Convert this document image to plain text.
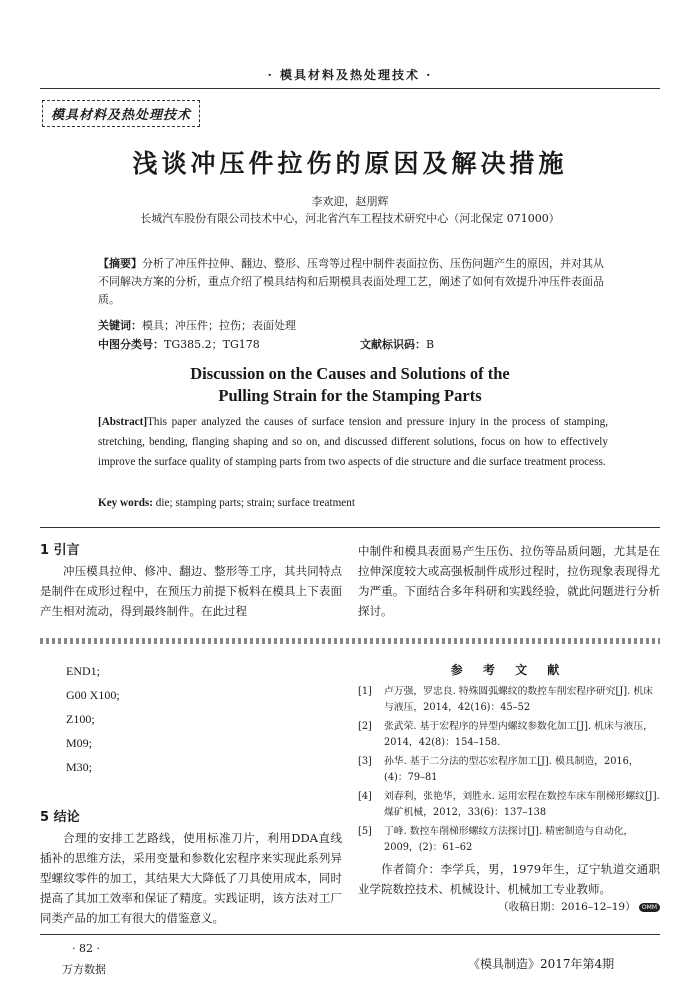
· 模具材料及热处理技术 ·
模具材料及热处理技术
浅谈冲压件拉伤的原因及解决措施
李欢迎，赵朋辉
长城汽车股份有限公司技术中心，河北省汽车工程技术研究中心（河北保定 071000）
【摘要】分析了冲压件拉伸、翻边、整形、压弯等过程中制件表面拉伤、压伤问题产生的原因，并对其从不同解决方案的分析，重点介绍了模具结构和后期模具表面处理工艺，阐述了如何有效提升冲压件表面品质。
关键词：模具；冲压件；拉伤；表面处理
中图分类号：TG385.2；TG178	文献标识码：B
Discussion on the Causes and Solutions of the
Pulling Strain for the Stamping Parts
[Abstract]This paper analyzed the causes of surface tension and pressure injury in the process of stamping, stretching, bending, flanging shaping and so on, and discussed different solutions, focus on how to effectively improve the surface quality of stamping parts from two aspects of die structure and die surface treatment process.
Key words: die; stamping parts; strain; surface treatment
1 引言
冲压模具拉伸、修冲、翻边、整形等工序，其共同特点是制件在成形过程中，在预压力前提下板料在模具上下表面产生相对流动，得到最终制件。在此过程
中制件和模具表面易产生压伤、拉伤等品质问题，尤其是在拉伸深度较大或高强板制件成形过程时，拉伤现象表现得尤为严重。下面结合多年科研和实践经验，就此问题进行分析探讨。
END1;
G00 X100;
Z100;
M09;
M30;
5 结论
合理的安排工艺路线，使用标准刀片，利用DDA直线插补的思维方法，采用变量和参数化宏程序来实现此系列异型螺纹零件的加工，其结果大大降低了刀具使用成本，同时提高了其加工效率和保证了精度。实践证明，该方法对工厂同类产品的加工有很大的借鉴意义。
参 考 文 献
[1]	卢万强，罗忠良. 特殊圆弧螺纹的数控车削宏程序研究[J]. 机床与液压，2014，42(16)：45–52
[2]	张武荣. 基于宏程序的异型内螺纹参数化加工[J]. 机床与液压，2014，42(8)：154–158.
[3]	孙华. 基于二分法的型芯宏程序加工[J]. 模具制造，2016，(4)：79–81
[4]	刘春利，张艳华，刘胜永. 运用宏程在数控车床车削梯形螺纹[J]. 煤矿机械，2012，33(6)：137–138
[5]	丁峰. 数控车削梯形螺纹方法探讨[J]. 精密制造与自动化，2009，(2)：61–62
作者简介：李学兵，男，1979年生，辽宁轨道交通职业学院数控技术、机械设计、机械加工专业教师。
（收稿日期：2016–12–19） OMM
· 82 ·
万方数据	《模具制造》2017年第4期
